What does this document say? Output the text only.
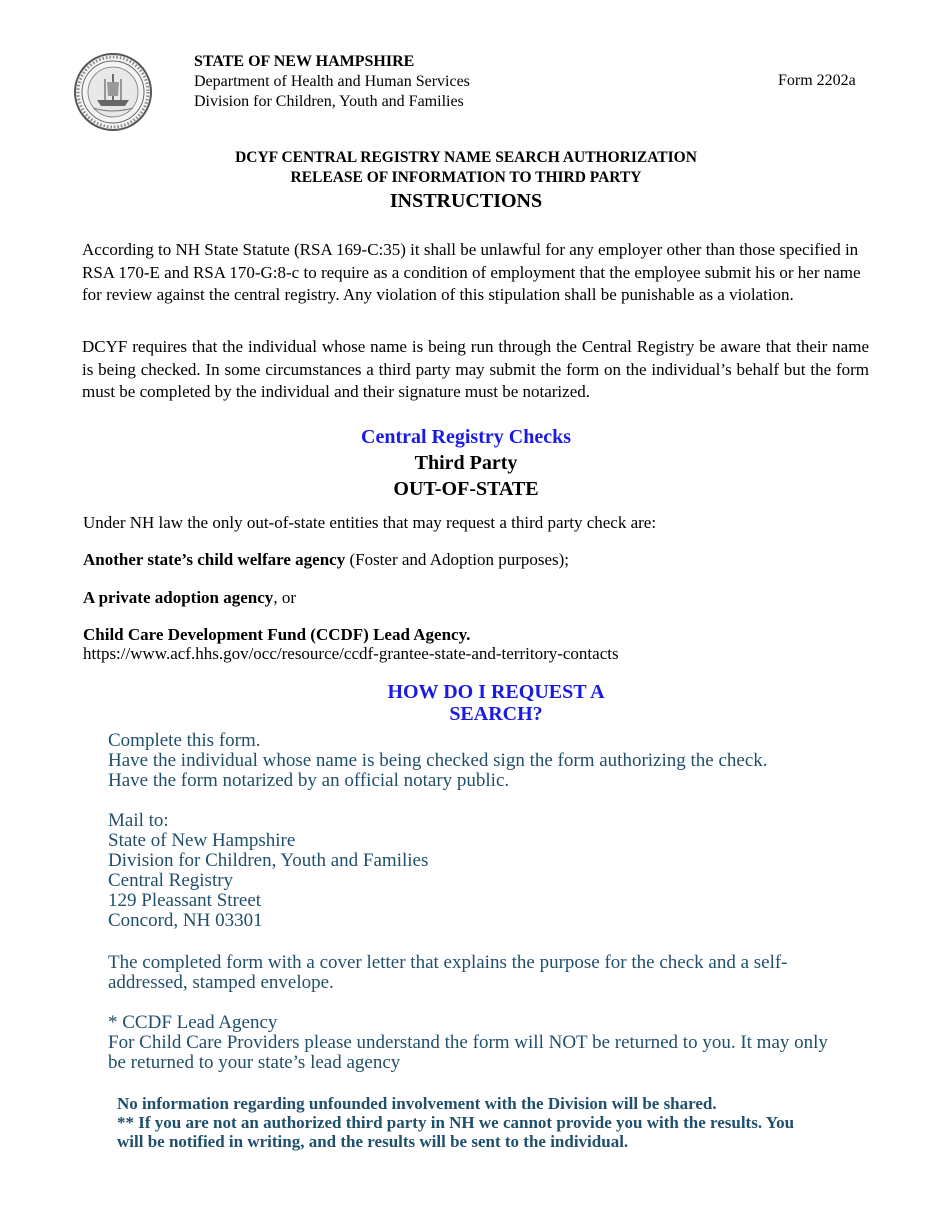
STATE OF NEW HAMPSHIRE
Department of Health and Human Services
Division for Children, Youth and Families
Form 2202a
DCYF CENTRAL REGISTRY NAME SEARCH AUTHORIZATION
RELEASE OF INFORMATION TO THIRD PARTY
INSTRUCTIONS
According to NH State Statute (RSA 169-C:35) it shall be unlawful for any employer other than those specified in RSA 170-E and RSA 170-G:8-c to require as a condition of employment that the employee submit his or her name for review against the central registry. Any violation of this stipulation shall be punishable as a violation.
DCYF requires that the individual whose name is being run through the Central Registry be aware that their name is being checked. In some circumstances a third party may submit the form on the individual’s behalf but the form must be completed by the individual and their signature must be notarized.
Central Registry Checks
Third Party
OUT-OF-STATE
Under NH law the only out-of-state entities that may request a third party check are:
Another state’s child welfare agency (Foster and Adoption purposes);
A private adoption agency, or
Child Care Development Fund (CCDF) Lead Agency.
https://www.acf.hhs.gov/occ/resource/ccdf-grantee-state-and-territory-contacts
HOW DO I REQUEST A
SEARCH?
Complete this form.
Have the individual whose name is being checked sign the form authorizing the check.
Have the form notarized by an official notary public.
Mail to:
State of New Hampshire
Division for Children, Youth and Families
Central Registry
129 Pleassant Street
Concord, NH 03301
The completed form with a cover letter that explains the purpose for the check and a self-
addressed, stamped envelope.
* CCDF Lead Agency
For Child Care Providers please understand the form will NOT be returned to you. It may only
be returned to your state’s lead agency
No information regarding unfounded involvement with the Division will be shared.
** If you are not an authorized third party in NH we cannot provide you with the results. You
will be notified in writing, and the results will be sent to the individual.
